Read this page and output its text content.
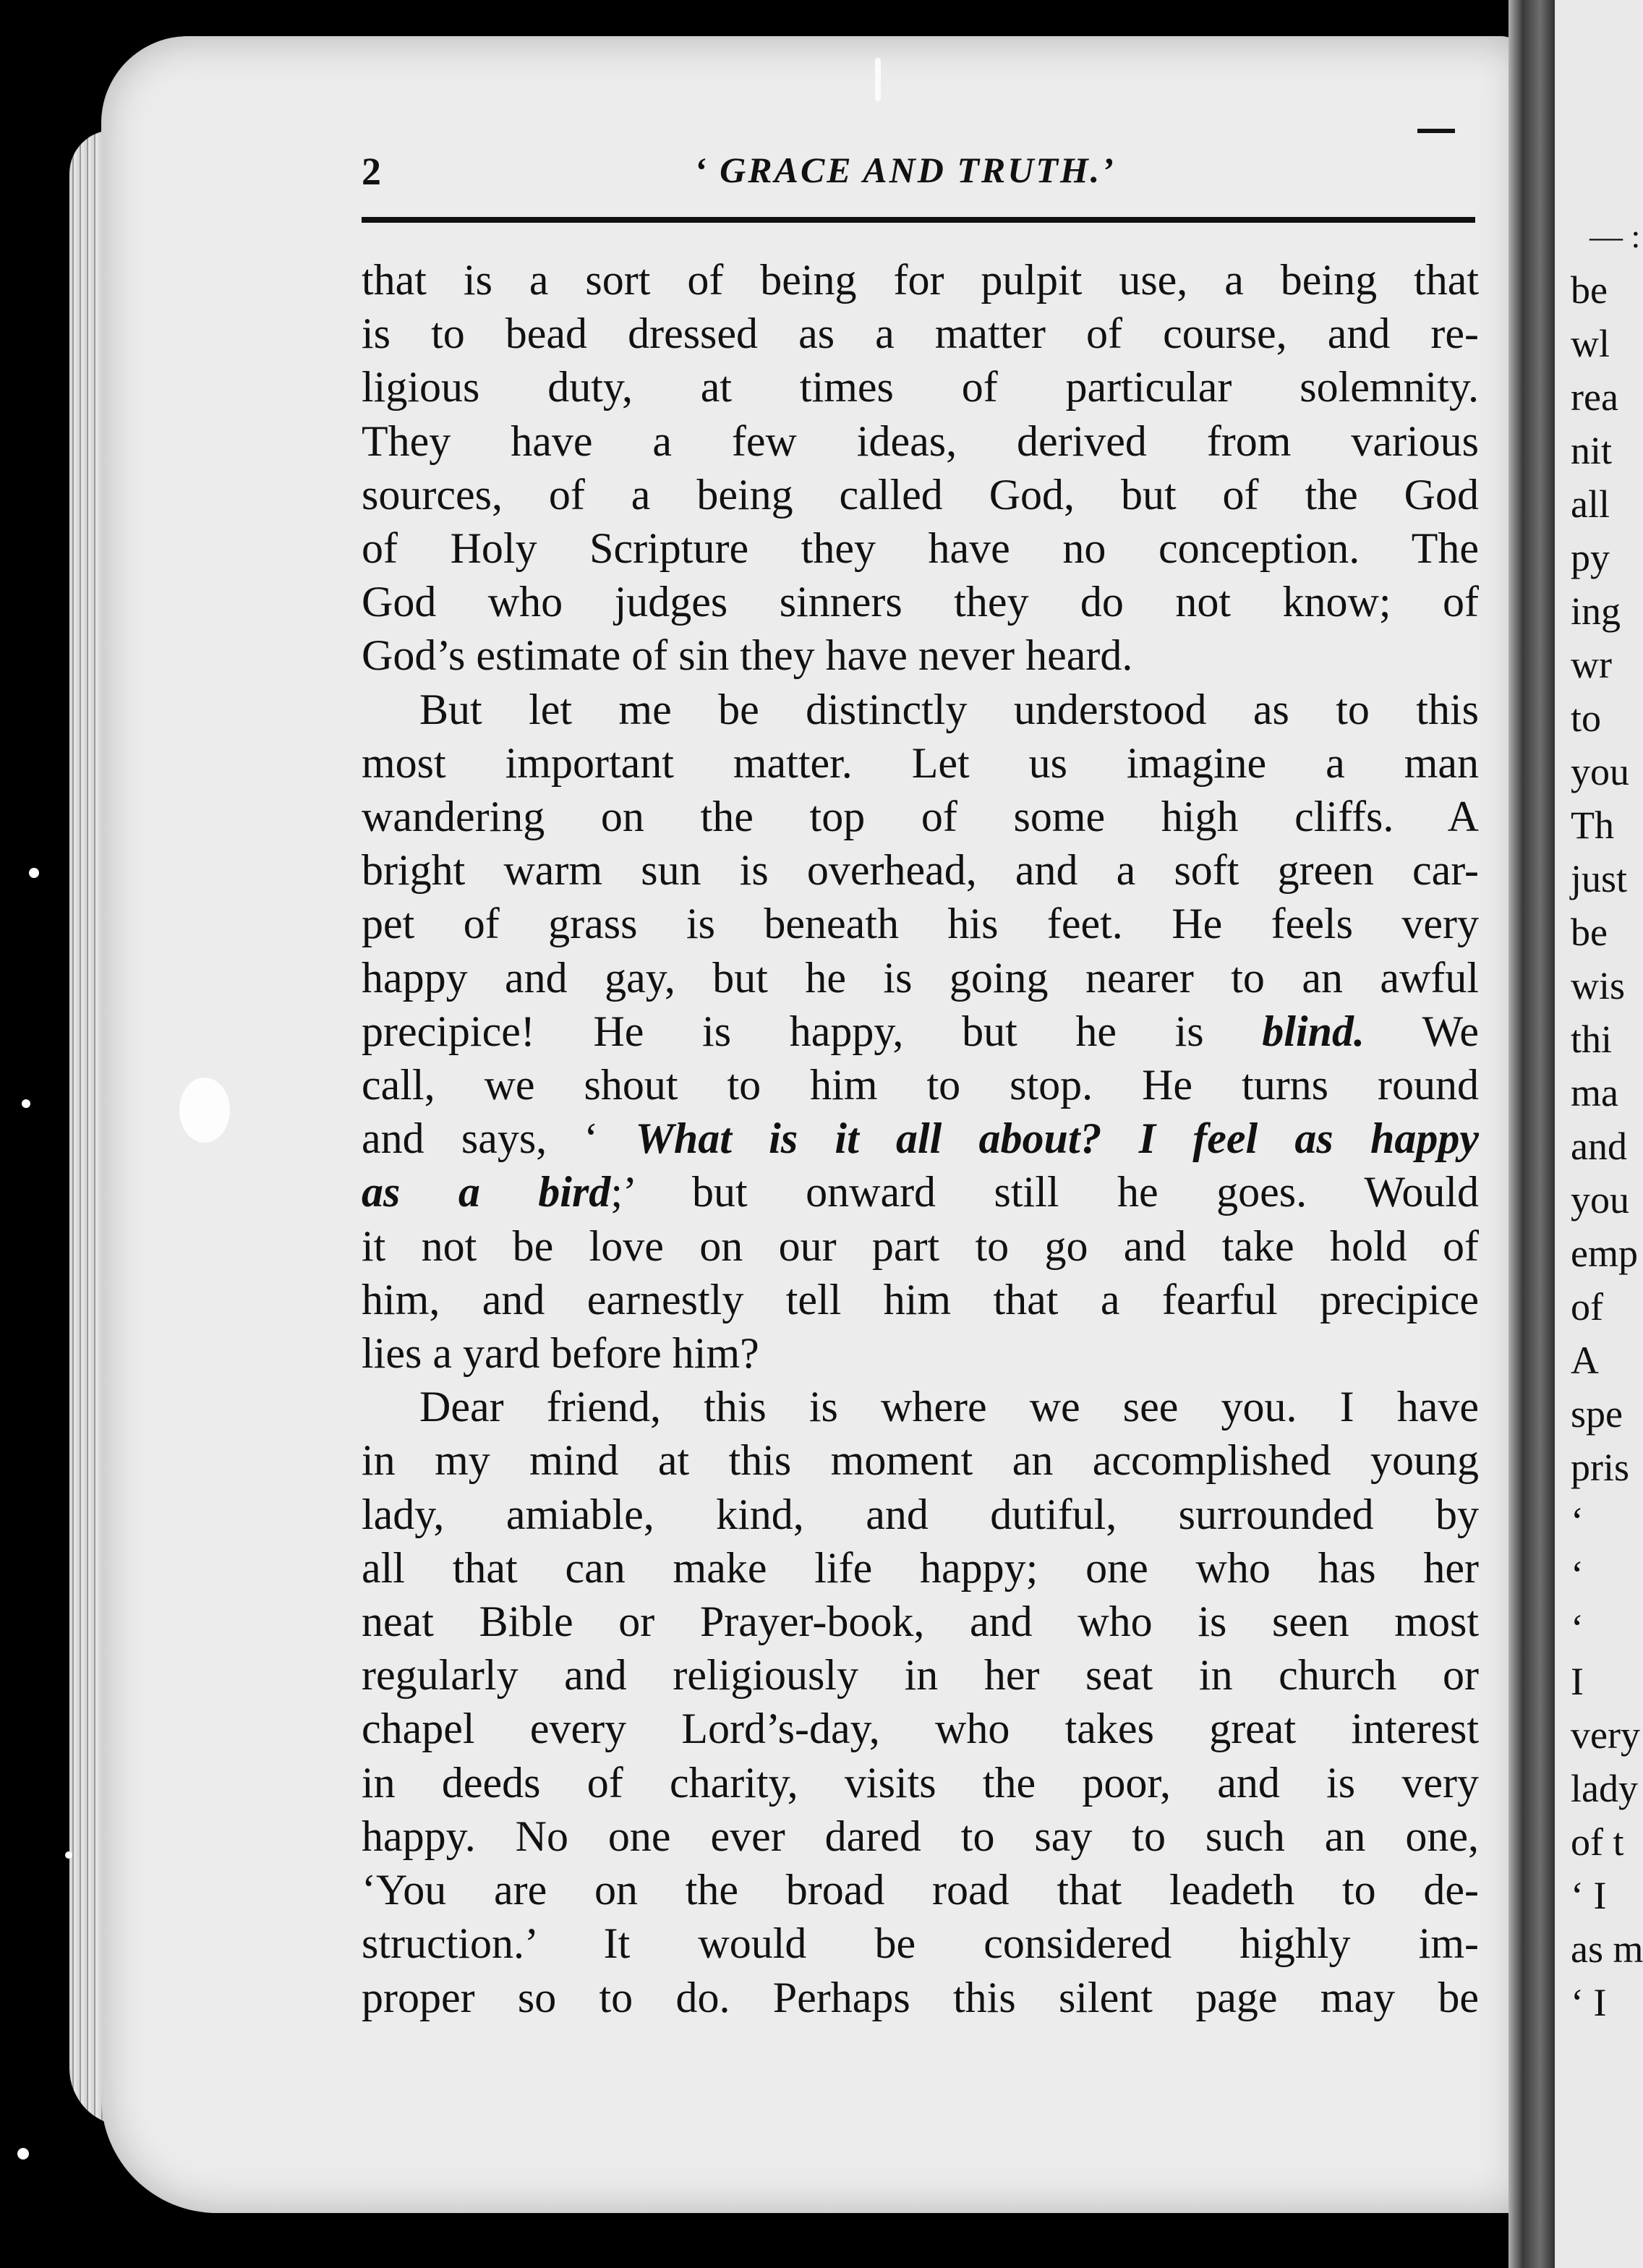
— :
be
wl
rea
nit
all
py
ing
wr
to
you
Th
just
be
wis
thi
ma
and
you
emp
of
A
spe
pris
‘
‘
‘
I
very
lady
of t
‘ I
as m
‘ I
2	‘ GRACE AND TRUTH.’
that is a sort of being for pulpit use, a being that
is to bead dressed as a matter of course, and re-
ligious duty, at times of particular solemnity.
They have a few ideas, derived from various
sources, of a being called God, but of the God
of Holy Scripture they have no conception. The
God who judges sinners they do not know; of
God’s estimate of sin they have never heard.
But let me be distinctly understood as to this
most important matter. Let us imagine a man
wandering on the top of some high cliffs. A
bright warm sun is overhead, and a soft green car-
pet of grass is beneath his feet. He feels very
happy and gay, but he is going nearer to an awful
precipice! He is happy, but he is blind. We
call, we shout to him to stop. He turns round
and says, ‘ What is it all about? I feel as happy
as a bird;’ but onward still he goes. Would
it not be love on our part to go and take hold of
him, and earnestly tell him that a fearful precipice
lies a yard before him?
Dear friend, this is where we see you. I have
in my mind at this moment an accomplished young
lady, amiable, kind, and dutiful, surrounded by
all that can make life happy; one who has her
neat Bible or Prayer-book, and who is seen most
regularly and religiously in her seat in church or
chapel every Lord’s-day, who takes great interest
in deeds of charity, visits the poor, and is very
happy. No one ever dared to say to such an one,
‘You are on the broad road that leadeth to de-
struction.’ It would be considered highly im-
proper so to do. Perhaps this silent page may be
